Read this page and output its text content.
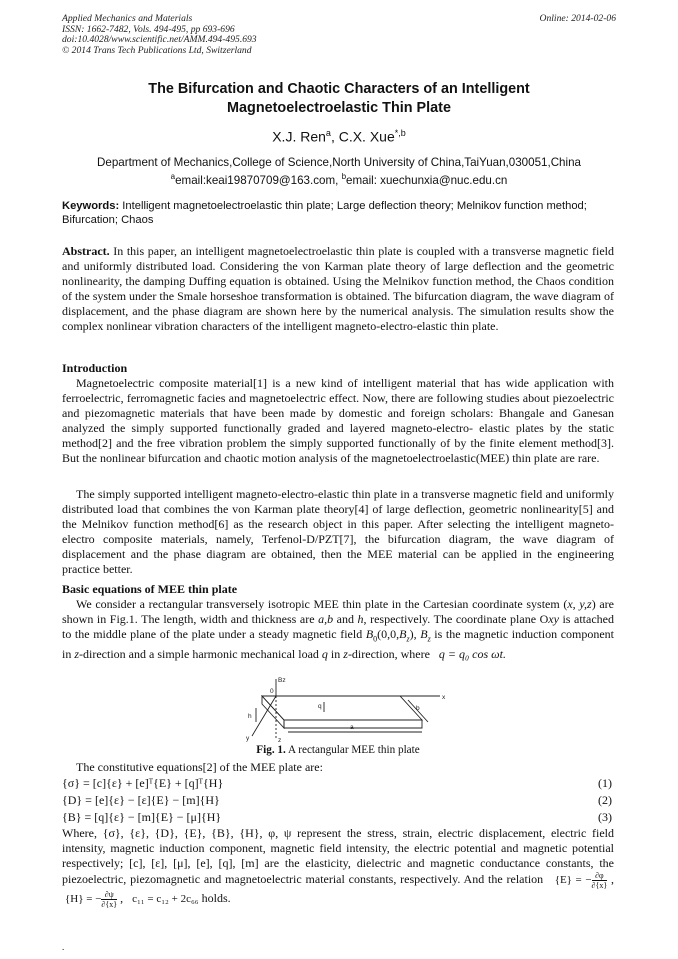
Applied Mechanics and Materials
ISSN: 1662-7482, Vols. 494-495, pp 693-696
doi:10.4028/www.scientific.net/AMM.494-495.693
© 2014 Trans Tech Publications Ltd, Switzerland
Online: 2014-02-06
The Bifurcation and Chaotic Characters of an Intelligent
Magnetoelectroelastic Thin Plate
X.J. Ren$^a$, C.X. Xue$^{*,b}$
Department of Mechanics,College of Science,North University of China,TaiYuan,030051,China
$^a$email:keai19870709@163.com, $^b$email: xuechunxia@nuc.edu.cn
Keywords: Intelligent magnetoelectroelastic thin plate; Large deflection theory; Melnikov function method; Bifurcation; Chaos
Abstract. In this paper, an intelligent magnetoelectroelastic thin plate is coupled with a transverse magnetic field and uniformly distributed load. Considering the von Karman plate theory of large deflection and the geometric nonlinearity, the damping Duffing equation is obtained. Using the Melnikov function method, the Chaos condition of the system under the Smale horseshoe transformation is obtained. The bifurcation diagram, the wave diagram of displacement, and the phase diagram are shown here by the numerical analysis. The simulation results show the complex nonlinear vibration characters of the intelligent magneto-electro-elastic thin plate.
Introduction
Magnetoelectric composite material[1] is a new kind of intelligent material that has wide application with ferroelectric, ferromagnetic facies and magnetoelectric effect. Now, there are following studies about piezoelectric and piezomagnetic materials that have been made by domestic and foreign scholars: Bhangale and Ganesan analyzed the simply supported functionally graded and layered magneto-electro- elastic plates by the static method[2] and the free vibration problem the simply supported functionally of by the finite element method[3]. But the nonlinear bifurcation and chaotic motion analysis of the magnetoelectroelastic(MEE) thin plate are rare.
The simply supported intelligent magneto-electro-elastic thin plate in a transverse magnetic field and uniformly distributed load that combines the von Karman plate theory[4] of large deflection, geometric nonlinearity[5] and the Melnikov function method[6] as the research object in this paper. After selecting the intelligent magneto-electro composite materials, namely, Terfenol-D/PZT[7], the bifurcation diagram, the wave diagram of displacement and the phase diagram are obtained, then the MEE material can be applied in the engineering practice better.
Basic equations of MEE thin plate
We consider a rectangular transversely isotropic MEE thin plate in the Cartesian coordinate system (x, y,z) are shown in Fig.1. The length, width and thickness are a,b and h, respectively. The coordinate plane Oxy is attached to the middle plane of the plate under a steady magnetic field $B_0(0,0,B_z)$, $B_z$ is the magnetic induction component in z-direction and a simple harmonic mechanical load q in z-direction, where q = q₀ cos ωt.
Bz
0
q
x
b
h
a
y	z
Fig. 1. A rectangular MEE thin plate
The constitutive equations[2] of the MEE plate are:
{σ} = [c]{ε} + [e]ᵀ{E} + [q]ᵀ{H}	(1)
{D} = [e]{ε} − [ε]{E} − [m]{H}	(2)
{B} = [q]{ε} − [m]{E} − [μ]{H}	(3)
Where, {σ}, {ε}, {D}, {E}, {B}, {H}, φ, ψ represent the stress, strain, electric displacement, electric field intensity, magnetic induction component, magnetic field intensity, the electric potential and magnetic potential respectively; [c], [ε], [μ], [e], [q], [m] are the elasticity, dielectric and magnetic conductance constants, the piezoelectric, piezomagnetic and magnetoelectric material constants, respectively. And the relation {E} = − $\frac{\partial\varphi}{\partial\{x\}}$ ,  {H} = − $\frac{\partial\psi}{\partial\{x\}}$ , c₁₁ = c₁₂ + 2c₆₆ holds.
.
